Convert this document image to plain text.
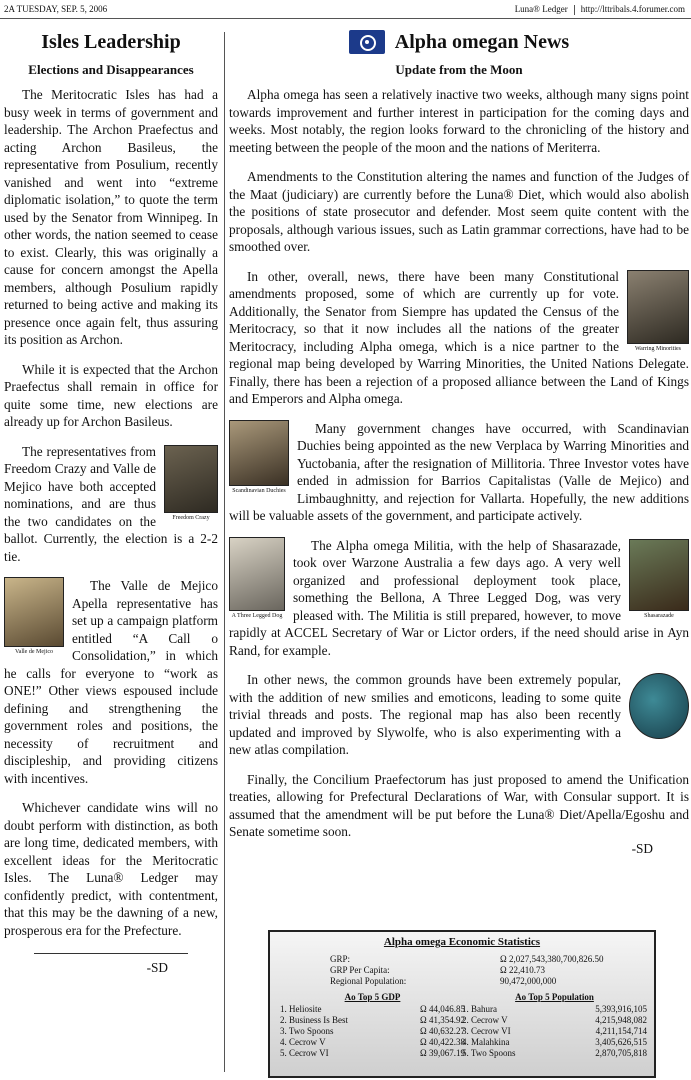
2A TUESDAY, SEP. 5, 2006	Luna® Ledger http://lttribals.4.forumer.com
Isles Leadership
Elections and Disappearances

The Meritocratic Isles has had a busy week in terms of government and leadership. The Archon Praefectus and acting Archon Basileus, the representative from Posulium, recently vanished and went into “extreme diplomatic isolation,” to quote the term used by the Senator from Winnipeg. In other words, the nation seemed to cease to exist. Clearly, this was originally a cause for concern amongst the Apella members, although Posulium rapidly returned to being active and making its presence once again felt, thus assuring its position as Archon.

While it is expected that the Archon Praefectus shall remain in office for quite some time, new elections are already up for Archon Basileus.

Freedom Crazy

The representatives from Freedom Crazy and Valle de Mejico have both accepted nominations, and are thus the two candidates on the ballot. Currently, the election is a 2-2 tie.

Valle de Mejico

The Valle de Mejico Apella representative has set up a campaign platform entitled “A Call o Consolidation,” in which he calls for everyone to “work as ONE!” Other views espoused include defining and strengthening the government roles and positions, the necessity of recruitment and discipleship, and providing citizens with incentives.

Whichever candidate wins will no doubt perform with distinction, as both are long time, dedicated members, with excellent ideas for the Meritocratic Isles. The Luna® Ledger may confidently predict, with contentment, that this may be the dawning of a new, prosperous era for the Prefecture.

-SD
Alpha omegan News
Update from the Moon

Alpha omega has seen a relatively inactive two weeks, although many signs point towards improvement and further interest in participation for the coming days and weeks. Most notably, the region looks forward to the chronicling of the history and meeting between the people of the moon and the nations of Meriterra.

Amendments to the Constitution altering the names and function of the Judges of the Maat (judiciary) are currently before the Luna® Diet, which would also abolish the positions of state prosecutor and defender. Most seem quite content with the proposals, although various issues, such as Latin grammar corrections, have had to be smoothed over.

Warring Minorities

In other, overall, news, there have been many Constitutional amendments proposed, some of which are currently up for vote. Additionally, the Senator from Siempre has updated the Census of the Meritocracy, so that it now includes all the nations of the greater Meritocracy, including Alpha omega, which is a nice partner to the regional map being developed by Warring Minorities, the United Nations Delegate. Finally, there has been a rejection of a proposed alliance between the Land of Kings and Emperors and Alpha omega.

Scandinavian Duchies

Many government changes have occurred, with Scandinavian Duchies being appointed as the new Verplaca by Warring Minorities and Yuctobania, after the resignation of Millitoria. Three Investor votes have ended in admission for Barrios Capitalistas (Valle de Mejico) and Limbaughnitty, and rejection for Vallarta. Hopefully, the new additions will be valuable assets of the government, and participate actively.

A Three Legged Dog	Shasarazade

The Alpha omega Militia, with the help of Shasarazade, took over Warzone Australia a few days ago. A very well organized and professional deployment took place, something the Bellona, A Three Legged Dog, was very pleased with. The Militia is still prepared, however, to move rapidly at ACCEL Secretary of War or Lictor orders, if the need should arise in Ayn Rand, for example.

In other news, the common grounds have been extremely popular, with the addition of new smilies and emoticons, leading to some quite trivial threads and posts. The regional map has also been recently updated and improved by Slywolfe, who is also experimenting with a new atlas compilation.

Finally, the Concilium Praefectorum has just proposed to amend the Unification treaties, allowing for Prefectural Declarations of War, with Consular support. It is assumed that the amendment will be put before the Luna® Diet/Apella/Egoshu and Senate sometime soon.

-SD
Alpha omega Economic Statistics
GRP:	Ω 2,027,543,380,700,826.50
GRP Per Capita:	Ω 22,410.73
Regional Population:	90,472,000,000
Ao Top 5 GDP
1. Heliosite	Ω 44,046.85
2. Business Is Best	Ω 41,354.92
3. Two Spoons	Ω 40,632.27
4. Cecrow V	Ω 40,422.38
5. Cecrow VI	Ω 39,067.19
Ao Top 5 Population
1. Bahura	5,393,916,105
2. Cecrow V	4,215,948,082
3. Cecrow VI	4,211,154,714
4. Malahkina	3,405,626,515
5. Two Spoons	2,870,705,818
